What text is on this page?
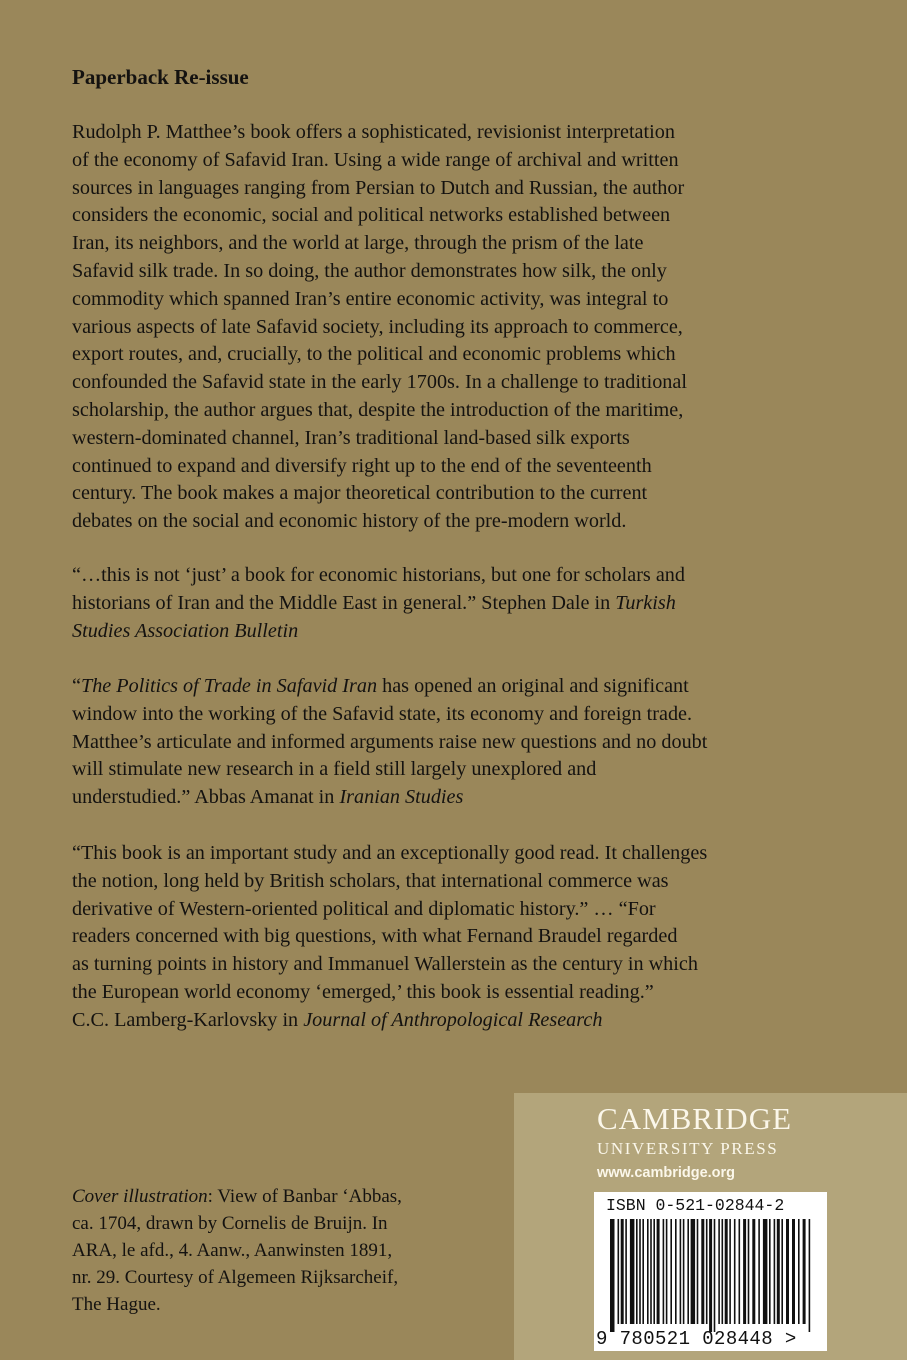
Paperback Re-issue
Rudolph P. Matthee’s book offers a sophisticated, revisionist interpretation
of the economy of Safavid Iran. Using a wide range of archival and written
sources in languages ranging from Persian to Dutch and Russian, the author
considers the economic, social and political networks established between
Iran, its neighbors, and the world at large, through the prism of the late
Safavid silk trade. In so doing, the author demonstrates how silk, the only
commodity which spanned Iran’s entire economic activity, was integral to
various aspects of late Safavid society, including its approach to commerce,
export routes, and, crucially, to the political and economic problems which
confounded the Safavid state in the early 1700s. In a challenge to traditional
scholarship, the author argues that, despite the introduction of the maritime,
western-dominated channel, Iran’s traditional land-based silk exports
continued to expand and diversify right up to the end of the seventeenth
century. The book makes a major theoretical contribution to the current
debates on the social and economic history of the pre-modern world.
“…this is not ‘just’ a book for economic historians, but one for scholars and
historians of Iran and the Middle East in general.” Stephen Dale in Turkish
Studies Association Bulletin
“The Politics of Trade in Safavid Iran has opened an original and significant
window into the working of the Safavid state, its economy and foreign trade.
Matthee’s articulate and informed arguments raise new questions and no doubt
will stimulate new research in a field still largely unexplored and
understudied.” Abbas Amanat in Iranian Studies
“This book is an important study and an exceptionally good read. It challenges
the notion, long held by British scholars, that international commerce was
derivative of Western-oriented political and diplomatic history.” … “For
readers concerned with big questions, with what Fernand Braudel regarded
as turning points in history and Immanuel Wallerstein as the century in which
the European world economy ‘emerged,’ this book is essential reading.”
C.C. Lamberg-Karlovsky in Journal of Anthropological Research
Cover illustration: View of Banbar ‘Abbas,
ca. 1704, drawn by Cornelis de Bruijn. In
ARA, le afd., 4. Aanw., Aanwinsten 1891,
nr. 29. Courtesy of Algemeen Rijksarcheif,
The Hague.
CAMBRIDGE
UNIVERSITY PRESS
www.cambridge.org
ISBN 0-521-02844-2
9 780521 028448 >
